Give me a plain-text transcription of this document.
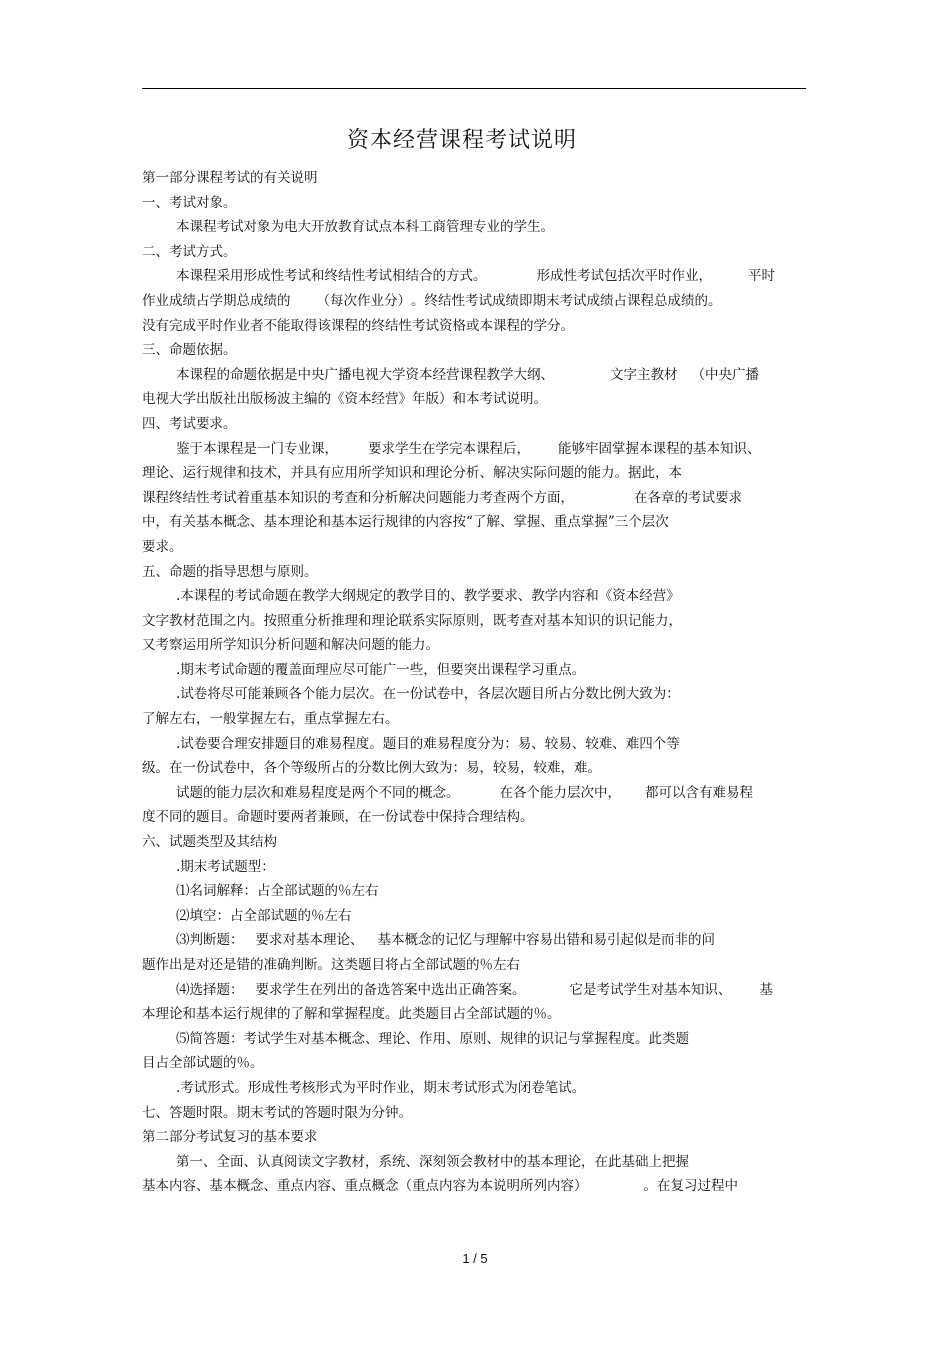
资本经营课程考试说明
第一部分课程考试的有关说明
一、考试对象。
本课程考试对象为电大开放教育试点本科工商管理专业的学生。
二、考试方式。
本课程采用形成性考试和终结性考试相结合的方式。	形成性考试包括次平时作业，	平时
作业成绩占学期总成绩的 （每次作业分）。终结性考试成绩即期末考试成绩占课程总成绩的。
没有完成平时作业者不能取得该课程的终结性考试资格或本课程的学分。
三、命题依据。
本课程的命题依据是中央广播电视大学资本经营课程教学大纲、	文字主教材 （中央广播
电视大学出版社出版杨波主编的《资本经营》年版）和本考试说明。
四、考试要求。
鉴于本课程是一门专业课， 要求学生在学完本课程后， 能够牢固掌握本课程的基本知识、
理论、运行规律和技术，并具有应用所学知识和理论分析、解决实际问题的能力。据此，本
课程终结性考试着重基本知识的考查和分析解决问题能力考查两个方面，	在各章的考试要求
中，有关基本概念、基本理论和基本运行规律的内容按“了解、掌握、重点掌握”三个层次
要求。
五、命题的指导思想与原则。
.本课程的考试命题在教学大纲规定的教学目的、教学要求、教学内容和《资本经营》
文字教材范围之内。按照重分析推理和理论联系实际原则，既考查对基本知识的识记能力，
又考察运用所学知识分析问题和解决问题的能力。
.期末考试命题的覆盖面理应尽可能广一些，但要突出课程学习重点。
.试卷将尽可能兼顾各个能力层次。在一份试卷中，各层次题目所占分数比例大致为：
了解左右，一般掌握左右，重点掌握左右。
.试卷要合理安排题目的难易程度。题目的难易程度分为：易、较易、较难、难四个等
级。在一份试卷中，各个等级所占的分数比例大致为：易，较易，较难，难。
试题的能力层次和难易程度是两个不同的概念。	在各个能力层次中， 都可以含有难易程
度不同的题目。命题时要两者兼顾，在一份试卷中保持合理结构。
六、试题类型及其结构
.期末考试题型：
⑴名词解释：占全部试题的％左右
⑵填空：占全部试题的％左右
⑶判断题： 要求对基本理论、 基本概念的记忆与理解中容易出错和易引起似是而非的问
题作出是对还是错的准确判断。这类题目将占全部试题的％左右
⑷选择题： 要求学生在列出的备选答案中选出正确答案。	它是考试学生对基本知识、 基
本理论和基本运行规律的了解和掌握程度。此类题目占全部试题的％。
⑸简答题：考试学生对基本概念、理论、作用、原则、规律的识记与掌握程度。此类题
目占全部试题的％。
.考试形式。形成性考核形式为平时作业，期末考试形式为闭卷笔试。
七、答题时限。期末考试的答题时限为分钟。
第二部分考试复习的基本要求
第一、全面、认真阅读文字教材，系统、深刻领会教材中的基本理论，在此基础上把握
基本内容、基本概念、重点内容、重点概念（重点内容为本说明所列内容）	。在复习过程中
1 / 5
